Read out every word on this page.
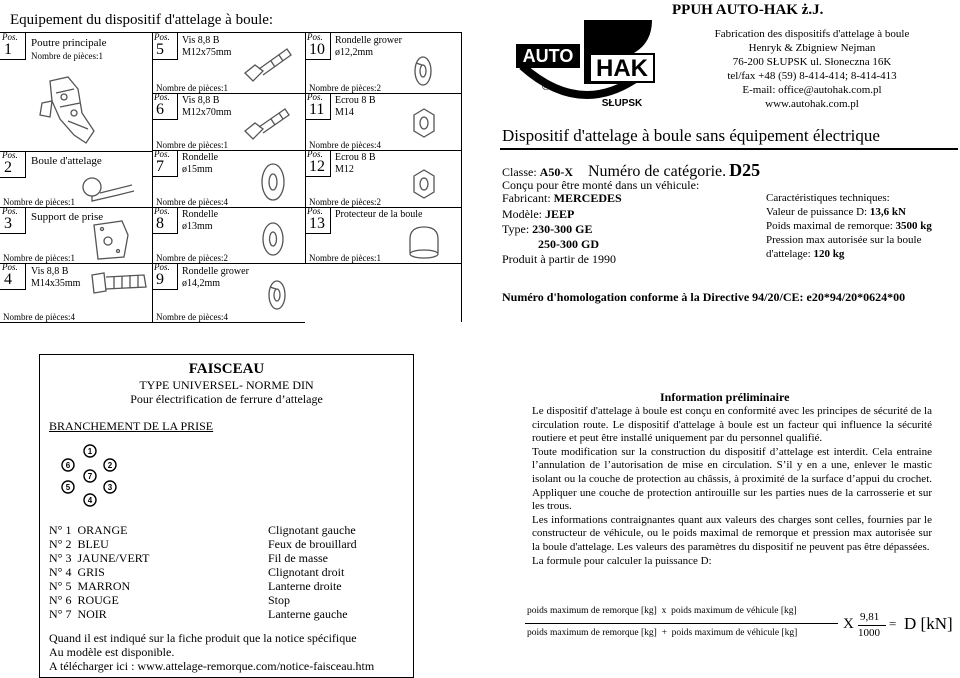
Equipement du dispositif d'attelage à boule:
Pos.
1	Poutre principale
Nombre de pièces:1
Pos.
2	Boule d'attelage
Nombre de pièces:1
Pos.
3	Support de prise
Nombre de pièces:1
Pos.
4	Vis 8,8 B
M14x35mm
Nombre de pièces:4
Pos.
5
Vis 8,8 B
M12x75mm
Nombre de pièces:1
Pos.
6
Vis 8,8 B
M12x70mm
Nombre de pièces:1
Pos.
7
Rondelle
ø15mm
Nombre de pièces:4
Pos.
8
Rondelle
ø13mm
Nombre de pièces:2
Pos.
9	Rondelle grower
ø14,2mm
Nombre de pièces:4
Pos.
10
Rondelle grower
ø12,2mm
Nombre de pièces:2
Pos.
11
Ecrou 8 B
M14
Nombre de pièces:4
Pos.
12
Ecrou 8 B
M12
Nombre de pièces:2
Pos.
13
Protecteur de la boule
Nombre de pièces:1
AUTO HAK
®
SŁUPSK
PPUH AUTO-HAK ż.J.
Fabrication des dispositifs d'attelage à boule
Henryk & Zbigniew Nejman
76-200 SŁUPSK ul. Słoneczna 16K
tel/fax +48 (59) 8-414-414; 8-414-413
E-mail: office@autohak.com.pl
www.autohak.com.pl
Dispositif d'attelage à boule sans équipement électrique
Classe: A50-X Numéro de catégorie. D25
Conçu pour être monté dans un véhicule:
Fabricant: MERCEDES
Modèle: JEEP
Type: 230-300 GE
250-300 GD
Produit à partir de 1990
Caractéristiques techniques:
Valeur de puissance D: 13,6 kN
Poids maximal de remorque: 3500 kg
Pression max autorisée sur la boule
d'attelage: 120 kg
Numéro d'homologation conforme à la Directive 94/20/CE: e20*94/20*0624*00
FAISCEAU
TYPE UNIVERSEL- NORME DIN
Pour électrification de ferrure d’attelage
BRANCHEMENT DE LA PRISE
1
2
3
4
5
6
7
N° 1 ORANGE	Clignotant gauche
N° 2 BLEU	Feux de brouillard
N° 3 JAUNE/VERT	Fil de masse
N° 4 GRIS	Clignotant droit
N° 5 MARRON	Lanterne droite
N° 6 ROUGE	Stop
N° 7 NOIR	Lanterne gauche
Quand il est indiqué sur la fiche produit que la notice spécifique
Au modèle est disponible.
A télécharger ici : www.attelage-remorque.com/notice-faisceau.htm
Information préliminaire

Le dispositif d'attelage à boule est conçu en conformité avec les principes de sécurité de la circulation route. Le dispositif d'attelage à boule est un facteur qui influence la sécurité routiere et peut être installé uniquement par du personnel qualifié.

Toute modification sur la construction du dispositif d’attelage est interdit. Cela entraine l’annulation de l’autorisation de mise en circulation. S’il y en a une, enlever le mastic isolant ou la couche de protection au châssis, à proximité de la surface d’appui du crochet. Appliquer une couche de protection antirouille sur les parties nues de la carrosserie et sur les trous.

Les informations contraignantes quant aux valeurs des charges sont celles, fournies par le constructeur de véhicule, ou le poids maximal de remorque et pression max autorisée sur la boule d'attelage. Les valeurs des paramètres du dispositif ne peuvent pas être dépassées.

La formule pour calculer la puissance D:

poids maximum de remorque [kg] x poids maximum de véhicule [kg]
poids maximum de remorque [kg] + poids maximum de véhicule [kg]
X 9,81
1000
= D [kN]
